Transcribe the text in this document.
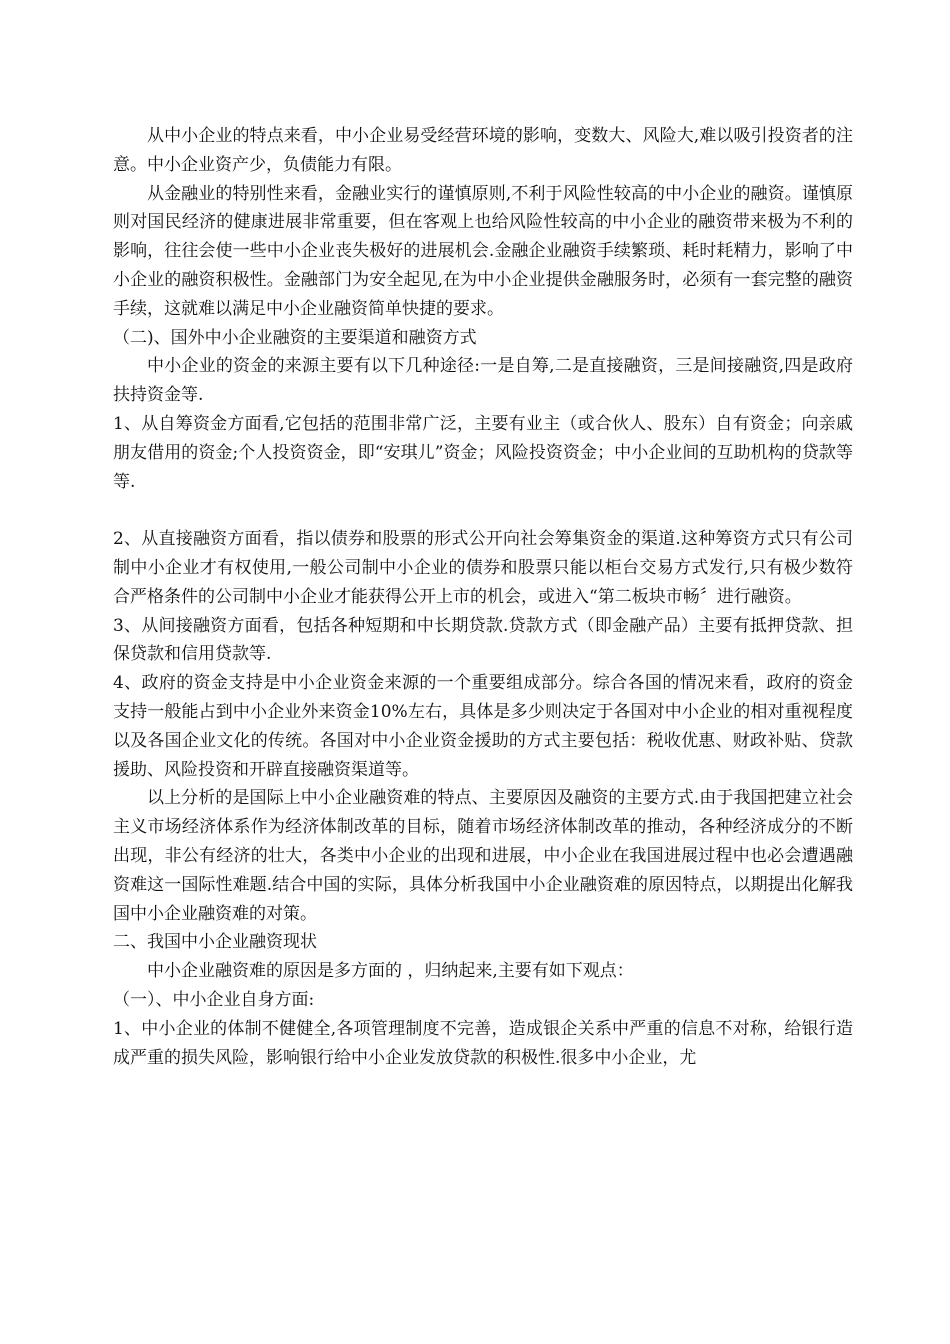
从中小企业的特点来看，中小企业易受经营环境的影响，变数大、风险大,难以吸引投资者的注意。中小企业资产少，负债能力有限。

从金融业的特别性来看，金融业实行的谨慎原则,不利于风险性较高的中小企业的融资。谨慎原则对国民经济的健康进展非常重要，但在客观上也给风险性较高的中小企业的融资带来极为不利的影响，往往会使一些中小企业丧失极好的进展机会.金融企业融资手续繁琐、耗时耗精力，影响了中小企业的融资积极性。金融部门为安全起见,在为中小企业提供金融服务时，必须有一套完整的融资手续，这就难以满足中小企业融资简单快捷的要求。

（二)、国外中小企业融资的主要渠道和融资方式

中小企业的资金的来源主要有以下几种途径:一是自筹,二是直接融资，三是间接融资,四是政府扶持资金等.

1、从自筹资金方面看,它包括的范围非常广泛，主要有业主（或合伙人、股东）自有资金；向亲戚朋友借用的资金;个人投资资金，即“安琪儿”资金；风险投资资金；中小企业间的互助机构的贷款等等.

2、从直接融资方面看，指以债券和股票的形式公开向社会筹集资金的渠道.这种筹资方式只有公司制中小企业才有权使用,一般公司制中小企业的债券和股票只能以柜台交易方式发行,只有极少数符合严格条件的公司制中小企业才能获得公开上市的机会，或进入“第二板块市畅〞进行融资。

3、从间接融资方面看，包括各种短期和中长期贷款.贷款方式（即金融产品）主要有抵押贷款、担保贷款和信用贷款等.

4、政府的资金支持是中小企业资金来源的一个重要组成部分。综合各国的情况来看，政府的资金支持一般能占到中小企业外来资金10%左右，具体是多少则决定于各国对中小企业的相对重视程度以及各国企业文化的传统。各国对中小企业资金援助的方式主要包括：税收优惠、财政补贴、贷款援助、风险投资和开辟直接融资渠道等。

以上分析的是国际上中小企业融资难的特点、主要原因及融资的主要方式.由于我国把建立社会主义市场经济体系作为经济体制改革的目标，随着市场经济体制改革的推动，各种经济成分的不断出现，非公有经济的壮大，各类中小企业的出现和进展，中小企业在我国进展过程中也必会遭遇融资难这一国际性难题.结合中国的实际，具体分析我国中小企业融资难的原因特点，以期提出化解我国中小企业融资难的对策。

二、我国中小企业融资现状

中小企业融资难的原因是多方面的 ，归纳起来,主要有如下观点：

（一）、中小企业自身方面:

1、中小企业的体制不健健全,各项管理制度不完善，造成银企关系中严重的信息不对称，给银行造成严重的损失风险，影响银行给中小企业发放贷款的积极性.很多中小企业，尤
